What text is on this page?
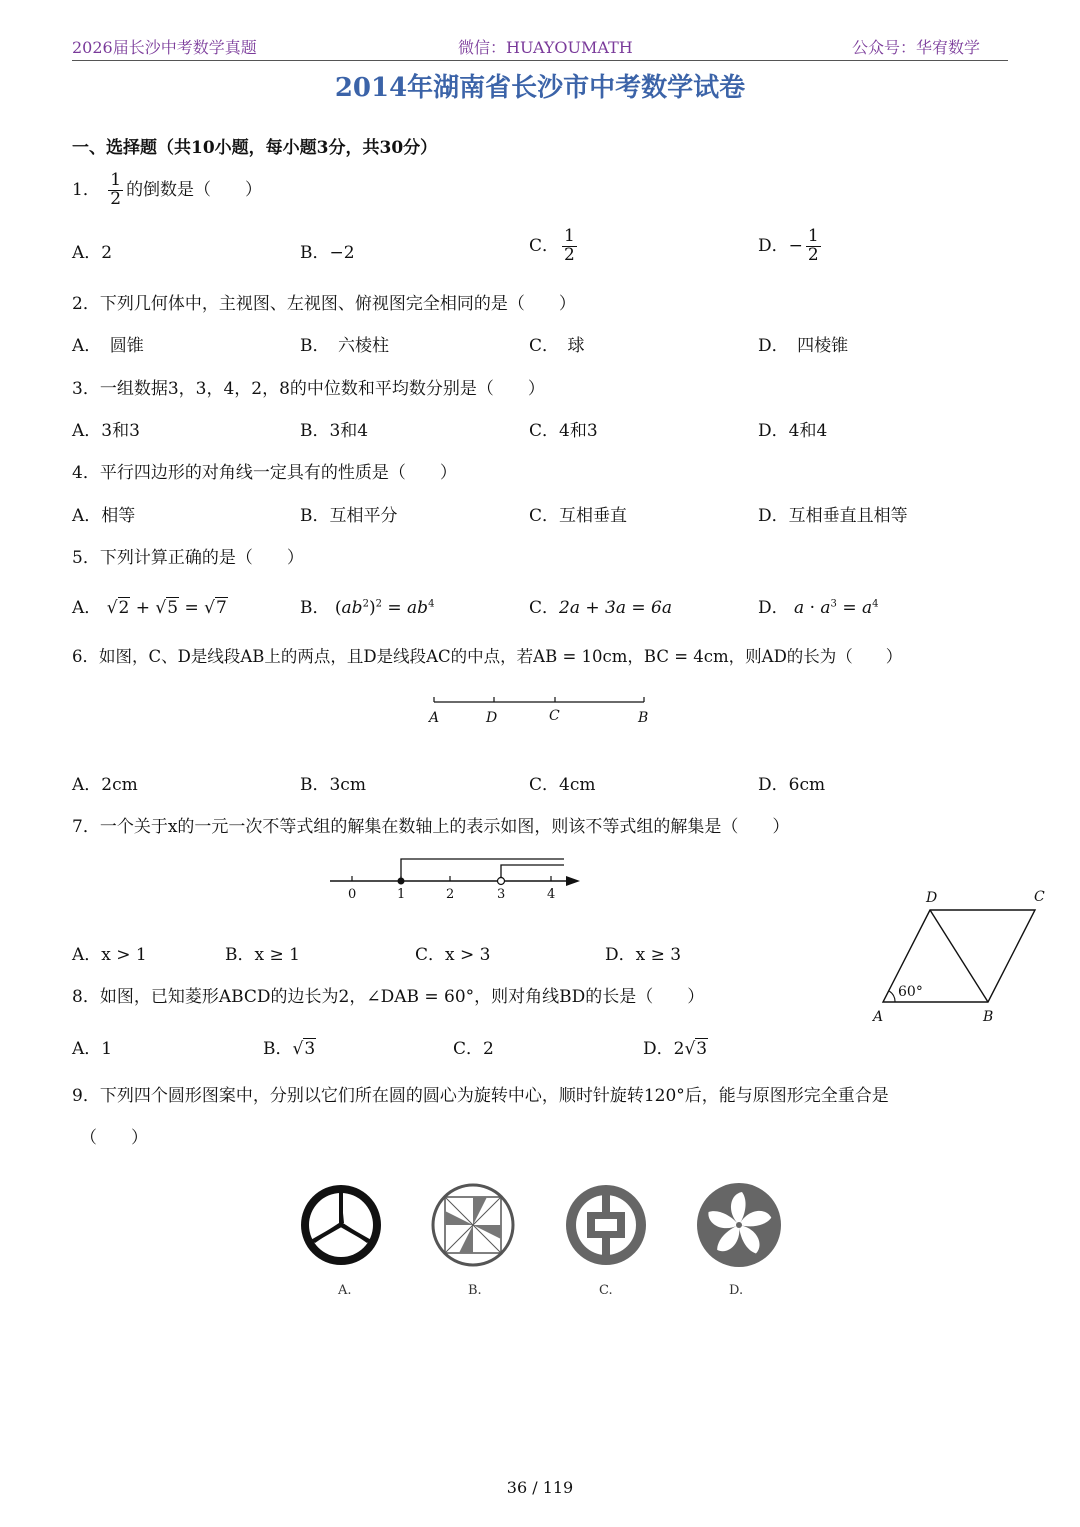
2026届长沙中考数学真题	微信：HUAYOUMATH	公众号：华宥数学
2014年湖南省长沙市中考数学试卷
一、选择题（共10小题，每小题3分，共30分）
1． $\frac{1}{2}$ 的倒数是（　　）
A．2	B．−2	C． $\frac{1}{2}$	D．− $\frac{1}{2}$
2．下列几何体中，主视图、左视图、俯视图完全相同的是（　　）
A．　圆锥	B．　六棱柱	C．　球	D．　四棱锥
3．一组数据3，3，4，2，8的中位数和平均数分别是（　　）
A．3和3	B．3和4	C．4和3	D．4和4
4．平行四边形的对角线一定具有的性质是（　　）
A．相等	B．互相平分	C．互相垂直	D．互相垂直且相等
5．下列计算正确的是（　　）
A． √2 + √5 = √7	B． $(ab^2)^2 = ab^4$	C．2a + 3a = 6a	D． $a \cdot a^3 = a^4$
6．如图，C、D是线段AB上的两点，且D是线段AC的中点，若AB = 10cm，BC = 4cm，则AD的长为（　　）
A	D	C	B
A．2cm	B．3cm	C．4cm	D．6cm
7．一个关于x的一元一次不等式组的解集在数轴上的表示如图，则该不等式组的解集是（　　）
0	1	2	3	4
A．x > 1	B．x ≥ 1	C．x > 3	D．x ≥ 3
D	C
A	B
60°
8．如图，已知菱形ABCD的边长为2，∠DAB = 60°，则对角线BD的长是（　　）
A．1	B．√3	C．2	D．2√3
9．下列四个圆形图案中，分别以它们所在圆的圆心为旋转中心，顺时针旋转120°后，能与原图形完全重合是
（　　）
A.	B.	C.	D.
36 / 119
